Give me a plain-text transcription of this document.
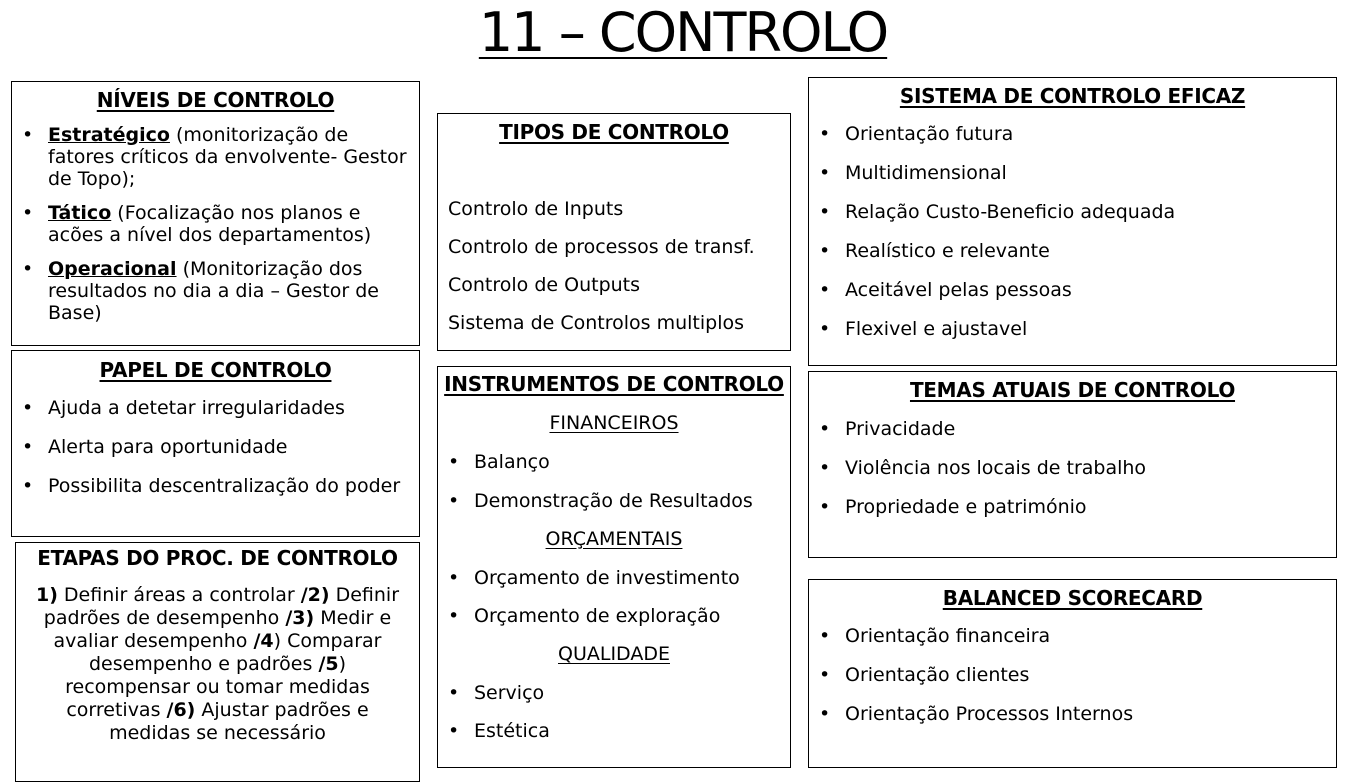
11 – CONTROLO
NÍVEIS DE CONTROLO
• Estratégico (monitorização de fatores críticos da envolvente- Gestor de Topo);
• Tático (Focalização nos planos e acões a nível dos departamentos)
• Operacional (Monitorização dos resultados no dia a dia – Gestor de Base)
PAPEL DE CONTROLO
• Ajuda a detetar irregularidades
• Alerta para oportunidade
• Possibilita descentralização do poder
ETAPAS DO PROC. DE CONTROLO
1) Definir áreas a controlar /2) Definir padrões de desempenho /3) Medir e avaliar desempenho /4) Comparar desempenho e padrões /5) recompensar ou tomar medidas corretivas /6) Ajustar padrões e medidas se necessário
TIPOS DE CONTROLO
Controlo de Inputs
Controlo de processos de transf.
Controlo de Outputs
Sistema de Controlos multiplos
INSTRUMENTOS DE CONTROLO
FINANCEIROS
• Balanço
• Demonstração de Resultados
ORÇAMENTAIS
• Orçamento de investimento
• Orçamento de exploração
QUALIDADE
• Serviço
• Estética
SISTEMA DE CONTROLO EFICAZ
• Orientação futura
• Multidimensional
• Relação Custo-Beneficio adequada
• Realístico e relevante
• Aceitável pelas pessoas
• Flexivel e ajustavel
TEMAS ATUAIS DE CONTROLO
• Privacidade
• Violência nos locais de trabalho
• Propriedade e património
BALANCED SCORECARD
• Orientação financeira
• Orientação clientes
• Orientação Processos Internos
